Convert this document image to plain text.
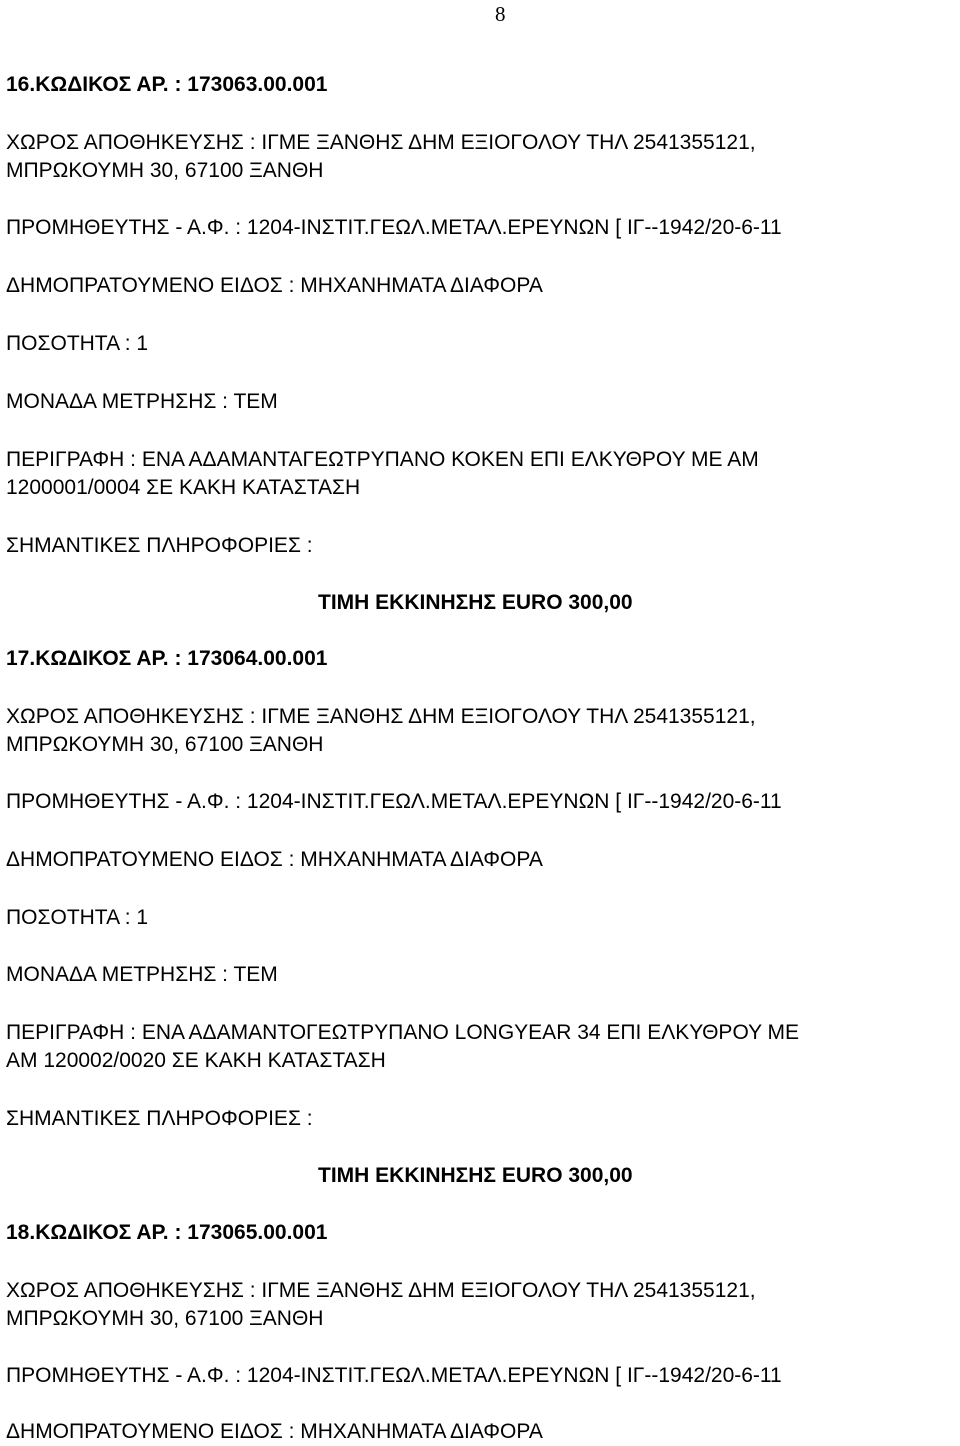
8
16.ΚΩΔΙΚΟΣ ΑΡ. : 173063.00.001
ΧΩΡΟΣ ΑΠΟΘΗΚΕΥΣΗΣ : ΙΓΜΕ ΞΑΝΘΗΣ ΔΗΜ ΕΞΙΟΓΟΛΟΥ ΤΗΛ 2541355121,
ΜΠΡΩΚΟΥΜΗ 30, 67100 ΞΑΝΘΗ
ΠΡΟΜΗΘΕΥΤΗΣ - Α.Φ. : 1204-ΙΝΣΤΙΤ.ΓΕΩΛ.ΜΕΤΑΛ.ΕΡΕΥΝΩΝ [ ΙΓ--1942/20-6-11
ΔΗΜΟΠΡΑΤΟΥΜΕΝΟ ΕΙΔΟΣ : ΜΗΧΑΝΗΜΑΤΑ ΔΙΑΦΟΡΑ
ΠΟΣΟΤΗΤΑ : 1
ΜΟΝΑΔΑ ΜΕΤΡΗΣΗΣ : ΤΕΜ
ΠΕΡΙΓΡΑΦΗ : ΕΝΑ ΑΔΑΜΑΝΤΑΓΕΩΤΡΥΠΑΝΟ ΚΟΚΕΝ ΕΠΙ ΕΛΚΥΘΡΟΥ ΜΕ ΑΜ
1200001/0004 ΣΕ ΚΑΚΗ ΚΑΤΑΣΤΑΣΗ
ΣΗΜΑΝΤΙΚΕΣ ΠΛΗΡΟΦΟΡΙΕΣ :
ΤΙΜΗ ΕΚΚΙΝΗΣΗΣ EURO 300,00
17.ΚΩΔΙΚΟΣ ΑΡ. : 173064.00.001
ΧΩΡΟΣ ΑΠΟΘΗΚΕΥΣΗΣ : ΙΓΜΕ ΞΑΝΘΗΣ ΔΗΜ ΕΞΙΟΓΟΛΟΥ ΤΗΛ 2541355121,
ΜΠΡΩΚΟΥΜΗ 30, 67100 ΞΑΝΘΗ
ΠΡΟΜΗΘΕΥΤΗΣ - Α.Φ. : 1204-ΙΝΣΤΙΤ.ΓΕΩΛ.ΜΕΤΑΛ.ΕΡΕΥΝΩΝ [ ΙΓ--1942/20-6-11
ΔΗΜΟΠΡΑΤΟΥΜΕΝΟ ΕΙΔΟΣ : ΜΗΧΑΝΗΜΑΤΑ ΔΙΑΦΟΡΑ
ΠΟΣΟΤΗΤΑ : 1
ΜΟΝΑΔΑ ΜΕΤΡΗΣΗΣ : ΤΕΜ
ΠΕΡΙΓΡΑΦΗ : ΕΝΑ ΑΔΑΜΑΝΤΟΓΕΩΤΡΥΠΑΝΟ LONGYEAR 34 ΕΠΙ ΕΛΚΥΘΡΟΥ ΜΕ
ΑΜ 120002/0020 ΣΕ ΚΑΚΗ ΚΑΤΑΣΤΑΣΗ
ΣΗΜΑΝΤΙΚΕΣ ΠΛΗΡΟΦΟΡΙΕΣ :
ΤΙΜΗ ΕΚΚΙΝΗΣΗΣ EURO 300,00
18.ΚΩΔΙΚΟΣ ΑΡ. : 173065.00.001
ΧΩΡΟΣ ΑΠΟΘΗΚΕΥΣΗΣ : ΙΓΜΕ ΞΑΝΘΗΣ ΔΗΜ ΕΞΙΟΓΟΛΟΥ ΤΗΛ 2541355121,
ΜΠΡΩΚΟΥΜΗ 30, 67100 ΞΑΝΘΗ
ΠΡΟΜΗΘΕΥΤΗΣ - Α.Φ. : 1204-ΙΝΣΤΙΤ.ΓΕΩΛ.ΜΕΤΑΛ.ΕΡΕΥΝΩΝ [ ΙΓ--1942/20-6-11
ΔΗΜΟΠΡΑΤΟΥΜΕΝΟ ΕΙΔΟΣ : ΜΗΧΑΝΗΜΑΤΑ ΔΙΑΦΟΡΑ
